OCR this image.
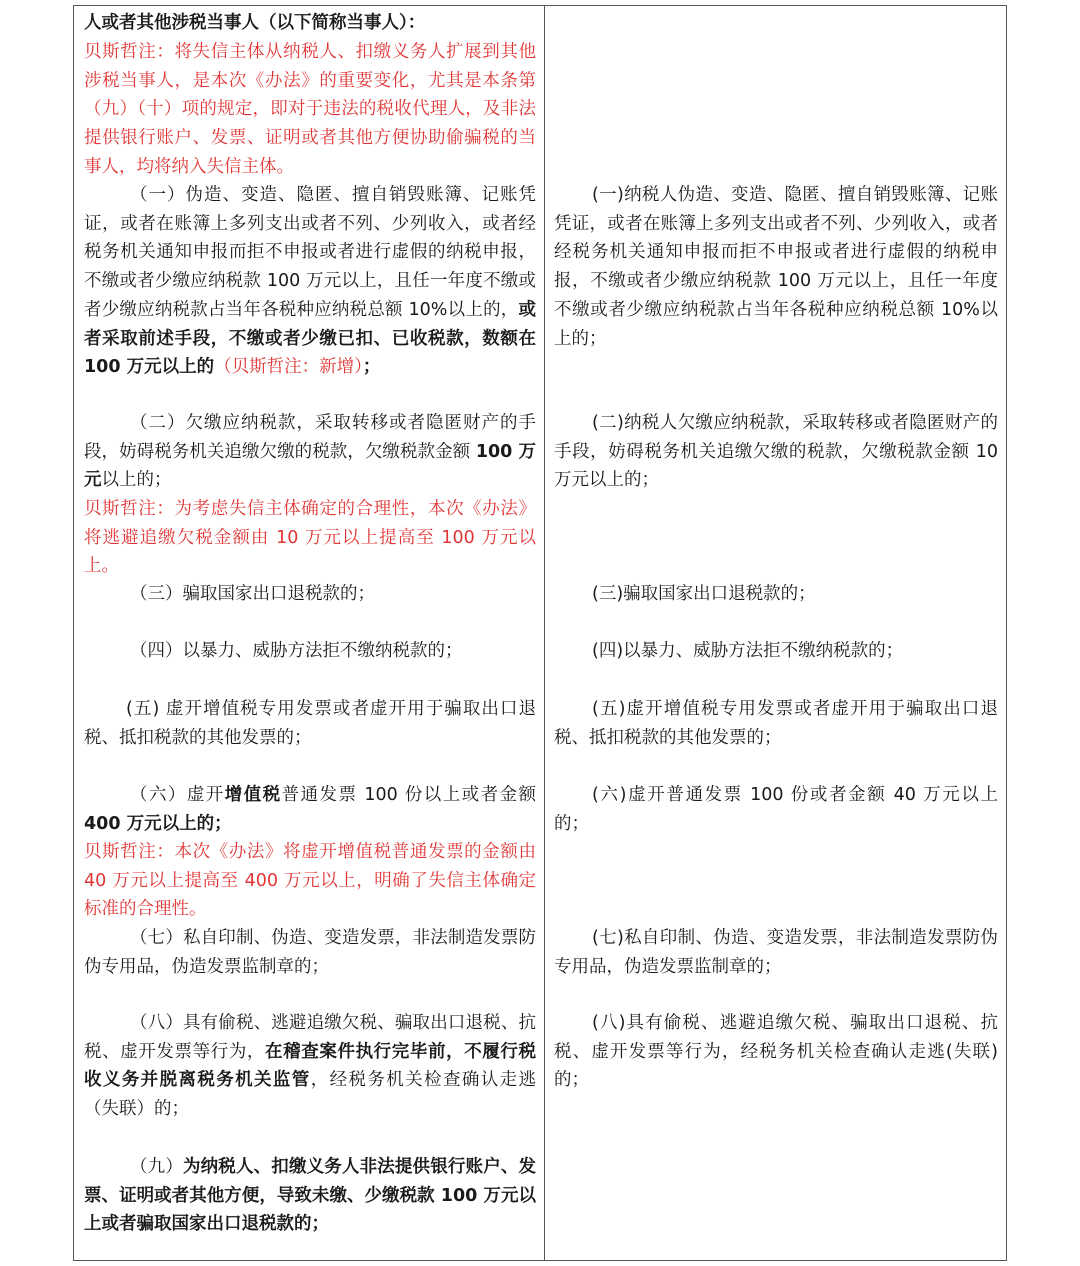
人或者其他涉税当事人（以下简称当事人）：

贝斯哲注：将失信主体从纳税人、扣缴义务人扩展到其他涉税当事人，是本次《办法》的重要变化，尤其是本条第（九）（十）项的规定，即对于违法的税收代理人，及非法提供银行账户、发票、证明或者其他方便协助偷骗税的当事人，均将纳入失信主体。

（一）伪造、变造、隐匿、擅自销毁账簿、记账凭证，或者在账簿上多列支出或者不列、少列收入，或者经税务机关通知申报而拒不申报或者进行虚假的纳税申报，不缴或者少缴应纳税款 100 万元以上，且任一年度不缴或者少缴应纳税款占当年各税种应纳税总额 10%以上的，或者采取前述手段，不缴或者少缴已扣、已收税款，数额在 100 万元以上的（贝斯哲注：新增）；

（二）欠缴应纳税款，采取转移或者隐匿财产的手段，妨碍税务机关追缴欠缴的税款，欠缴税款金额 100 万元以上的；

贝斯哲注：为考虑失信主体确定的合理性，本次《办法》将逃避追缴欠税金额由 10 万元以上提高至 100 万元以上。

（三）骗取国家出口退税款的；

（四）以暴力、威胁方法拒不缴纳税款的；

(五) 虚开增值税专用发票或者虚开用于骗取出口退税、抵扣税款的其他发票的；

（六）虚开增值税普通发票 100 份以上或者金额 400 万元以上的；

贝斯哲注：本次《办法》将虚开增值税普通发票的金额由 40 万元以上提高至 400 万元以上，明确了失信主体确定标准的合理性。

（七）私自印制、伪造、变造发票，非法制造发票防伪专用品，伪造发票监制章的；

（八）具有偷税、逃避追缴欠税、骗取出口退税、抗税、虚开发票等行为，在稽查案件执行完毕前，不履行税收义务并脱离税务机关监管，经税务机关检查确认走逃（失联）的；

（九）为纳税人、扣缴义务人非法提供银行账户、发票、证明或者其他方便，导致未缴、少缴税款 100 万元以上或者骗取国家出口退税款的；

(一)纳税人伪造、变造、隐匿、擅自销毁账簿、记账凭证，或者在账簿上多列支出或者不列、少列收入，或者经税务机关通知申报而拒不申报或者进行虚假的纳税申报，不缴或者少缴应纳税款 100 万元以上，且任一年度不缴或者少缴应纳税款占当年各税种应纳税总额 10%以上的；

(二)纳税人欠缴应纳税款，采取转移或者隐匿财产的手段，妨碍税务机关追缴欠缴的税款，欠缴税款金额 10 万元以上的；

(三)骗取国家出口退税款的；

(四)以暴力、威胁方法拒不缴纳税款的；

(五)虚开增值税专用发票或者虚开用于骗取出口退税、抵扣税款的其他发票的；

(六)虚开普通发票 100 份或者金额 40 万元以上的；

(七)私自印制、伪造、变造发票，非法制造发票防伪专用品，伪造发票监制章的；

(八)具有偷税、逃避追缴欠税、骗取出口退税、抗税、虚开发票等行为，经税务机关检查确认走逃(失联)的；
